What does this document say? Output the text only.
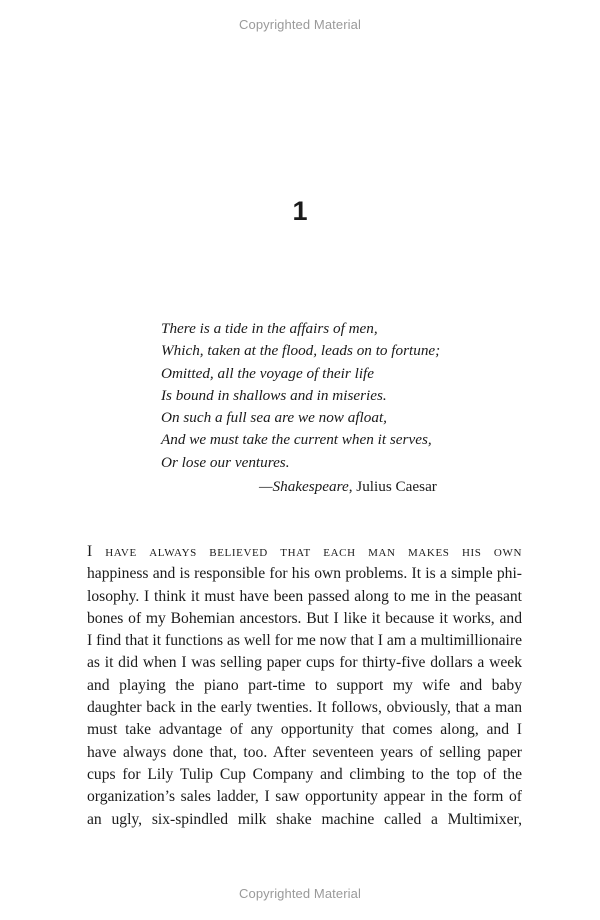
Copyrighted Material
1
There is a tide in the affairs of men,
Which, taken at the flood, leads on to fortune;
Omitted, all the voyage of their life
Is bound in shallows and in miseries.
On such a full sea are we now afloat,
And we must take the current when it serves,
Or lose our ventures.
—Shakespeare, Julius Caesar
I have always believed that each man makes his own
happiness and is responsible for his own problems. It is a simple phi-
losophy. I think it must have been passed along to me in the peasant
bones of my Bohemian ancestors. But I like it because it works, and
I find that it functions as well for me now that I am a multimillionaire
as it did when I was selling paper cups for thirty-five dollars a week
and playing the piano part-time to support my wife and baby
daughter back in the early twenties. It follows, obviously, that a man
must take advantage of any opportunity that comes along, and I
have always done that, too. After seventeen years of selling paper
cups for Lily Tulip Cup Company and climbing to the top of the
organization’s sales ladder, I saw opportunity appear in the form of
an ugly, six-spindled milk shake machine called a Multimixer,
Copyrighted Material
